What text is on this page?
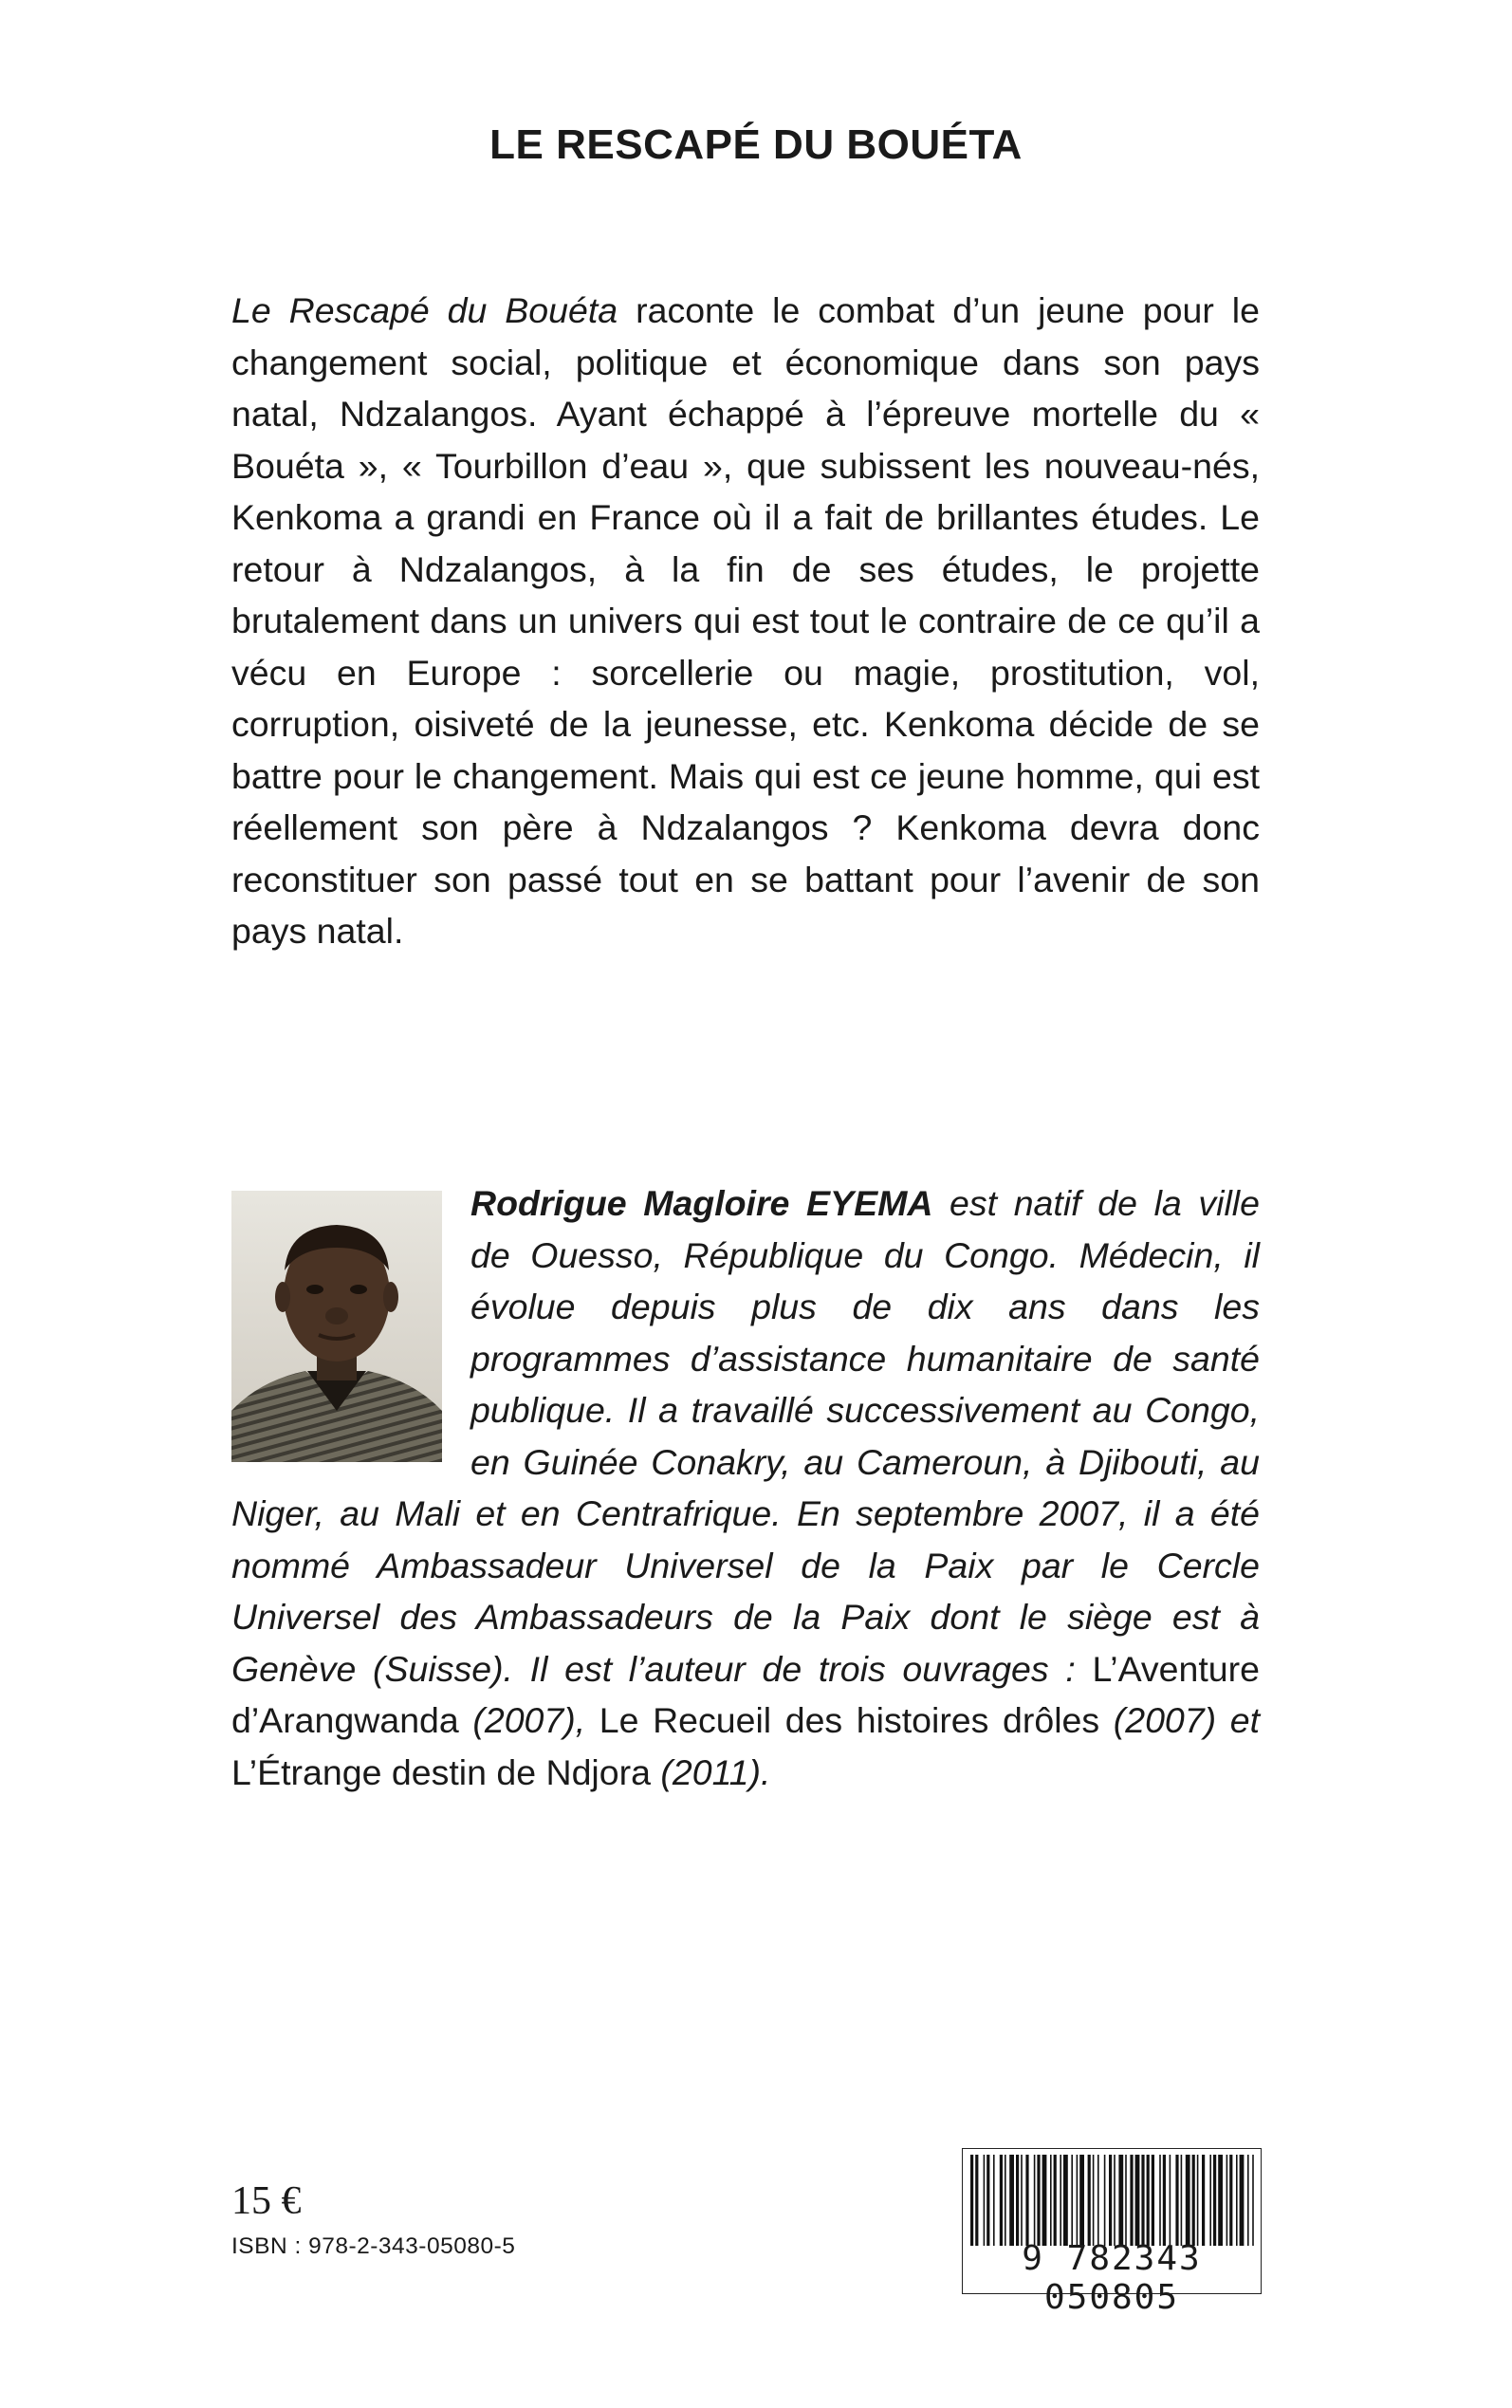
LE RESCAPÉ DU BOUÉTA

Le Rescapé du Bouéta raconte le combat d’un jeune pour le changement social, politique et économique dans son pays natal, Ndzalangos. Ayant échappé à l’épreuve mortelle du « Bouéta », « Tourbillon d’eau », que subissent les nouveau-nés, Kenkoma a grandi en France où il a fait de brillantes études. Le retour à Ndzalangos, à la fin de ses études, le projette brutalement dans un univers qui est tout le contraire de ce qu’il a vécu en Europe : sorcellerie ou magie, prostitution, vol, corruption, oisiveté de la jeunesse, etc. Kenkoma décide de se battre pour le changement. Mais qui est ce jeune homme, qui est réellement son père à Ndzalangos ? Kenkoma devra donc reconstituer son passé tout en se battant pour l’avenir de son pays natal.

Rodrigue Magloire EYEMA est natif de la ville de Ouesso, République du Congo. Médecin, il évolue depuis plus de dix ans dans les programmes d’assistance humanitaire de santé publique. Il a travaillé successivement au Congo, en Guinée Conakry, au Cameroun, à Djibouti, au Niger, au Mali et en Centrafrique. En septembre 2007, il a été nommé Ambassadeur Universel de la Paix par le Cercle Universel des Ambassadeurs de la Paix dont le siège est à Genève (Suisse). Il est l’auteur de trois ouvrages : L’Aventure d’Arangwanda (2007), Le Recueil des histoires drôles (2007) et L’Étrange destin de Ndjora (2011).

15 €
ISBN : 978-2-343-05080-5	9 782343 050805
